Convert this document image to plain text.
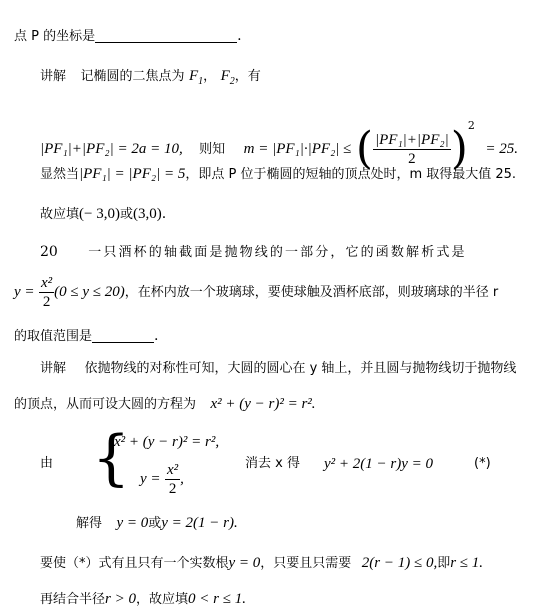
点 P 的坐标是	.
讲解 记椭圆的二焦点为 $F_1$， $F_2$，有
|PF₁|+|PF₂| = 2a = 10, 则知 m = |PF₁|·|PF₂| ≤ ( $\frac{\text{|PF₁|+|PF₂|}}{2} )^2 = 25$.
显然当|PF₁| = |PF₂| = 5，即点 P 位于椭圆的短轴的顶点处时，m 取得最大值 25.
故应填(− 3,0)或(3,0).
20 一 只 酒 杯 的 轴 截 面 是 抛 物 线 的 一 部 分 ， 它 的 函 数 解 析 式 是
$y = \frac{\text{x²}}{2} (0 \le y \le 20)$，在杯内放一个玻璃球，要使球触及酒杯底部，则玻璃球的半径 r
的取值范围是	.
讲解 依抛物线的对称性可知，大圆的圆心在 y 轴上，并且圆与抛物线切于抛物线
的顶点，从而可设大圆的方程为 x² + (y − r)² = r².
由 {
x² + (y − r)² = r²,
$y = \frac{\text{x²}}{2}$ ,
消去 x 得 y² + 2(1 − r)y = 0	(*)
解得 y = 0或y = 2(1 − r).
要使（*）式有且只有一个实数根y = 0，只要且只需要 2(r − 1) ≤ 0,即r ≤ 1.
再结合半径r > 0，故应填0 < r ≤ 1.
